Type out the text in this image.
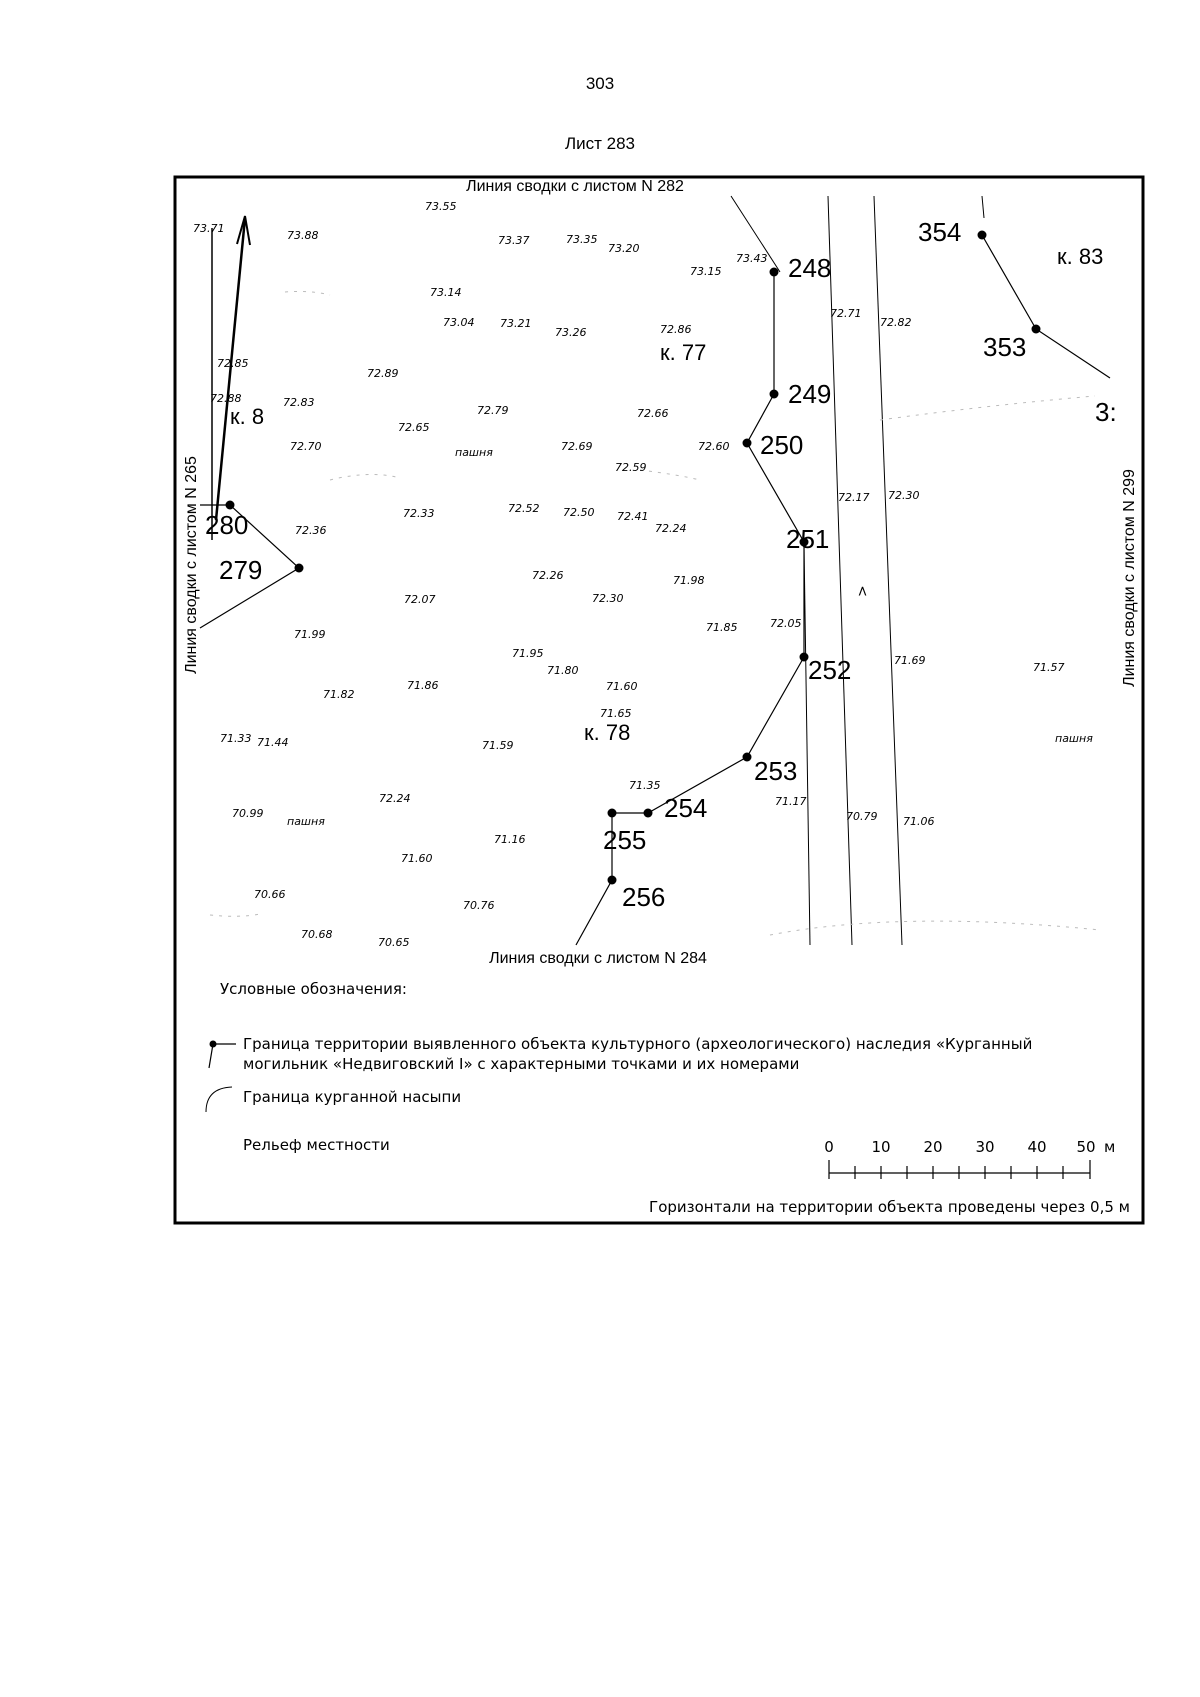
303
Лист 283
Линия сводки с листом N 282
Линия сводки с листом N 284
Линия сводки с листом N 265	Линия сводки с листом N 299
>
248
249
250
251
252
253
254
255
256
279
280
354
353
3:
к. 8
к. 77
к. 78
к. 83
пашня
пашня
пашня
73.55
73.71
73.88	73.37	73.35
73.20
73.43
73.15
73.14
73.04 73.21
73.26	72.86
72.71
72.82
72.85
72.89
72.88	72.83
72.65
72.79	72.66
72.70	72.69	72.60
72.59
72.17 72.30
72.36
72.33	72.52 72.50 72.41
72.24
72.26	71.98
72.07	72.30
71.85	72.05
71.99
71.95
71.80
71.69
71.57
71.82
71.86	71.60
71.65
71.33 71.44	71.59
71.35
72.24	71.17
70.79 71.06
70.99
71.16
71.60
70.66
70.76
70.68
70.65
Условные обозначения:
Граница территории выявленного объекта культурного (археологического) наследия «Курганный
могильник «Недвиговский I» с характерными точками и их номерами
Граница курганной насыпи
Рельеф местности	0	10 20 30 40 50 м
Горизонтали на территории объекта проведены через 0,5 м
